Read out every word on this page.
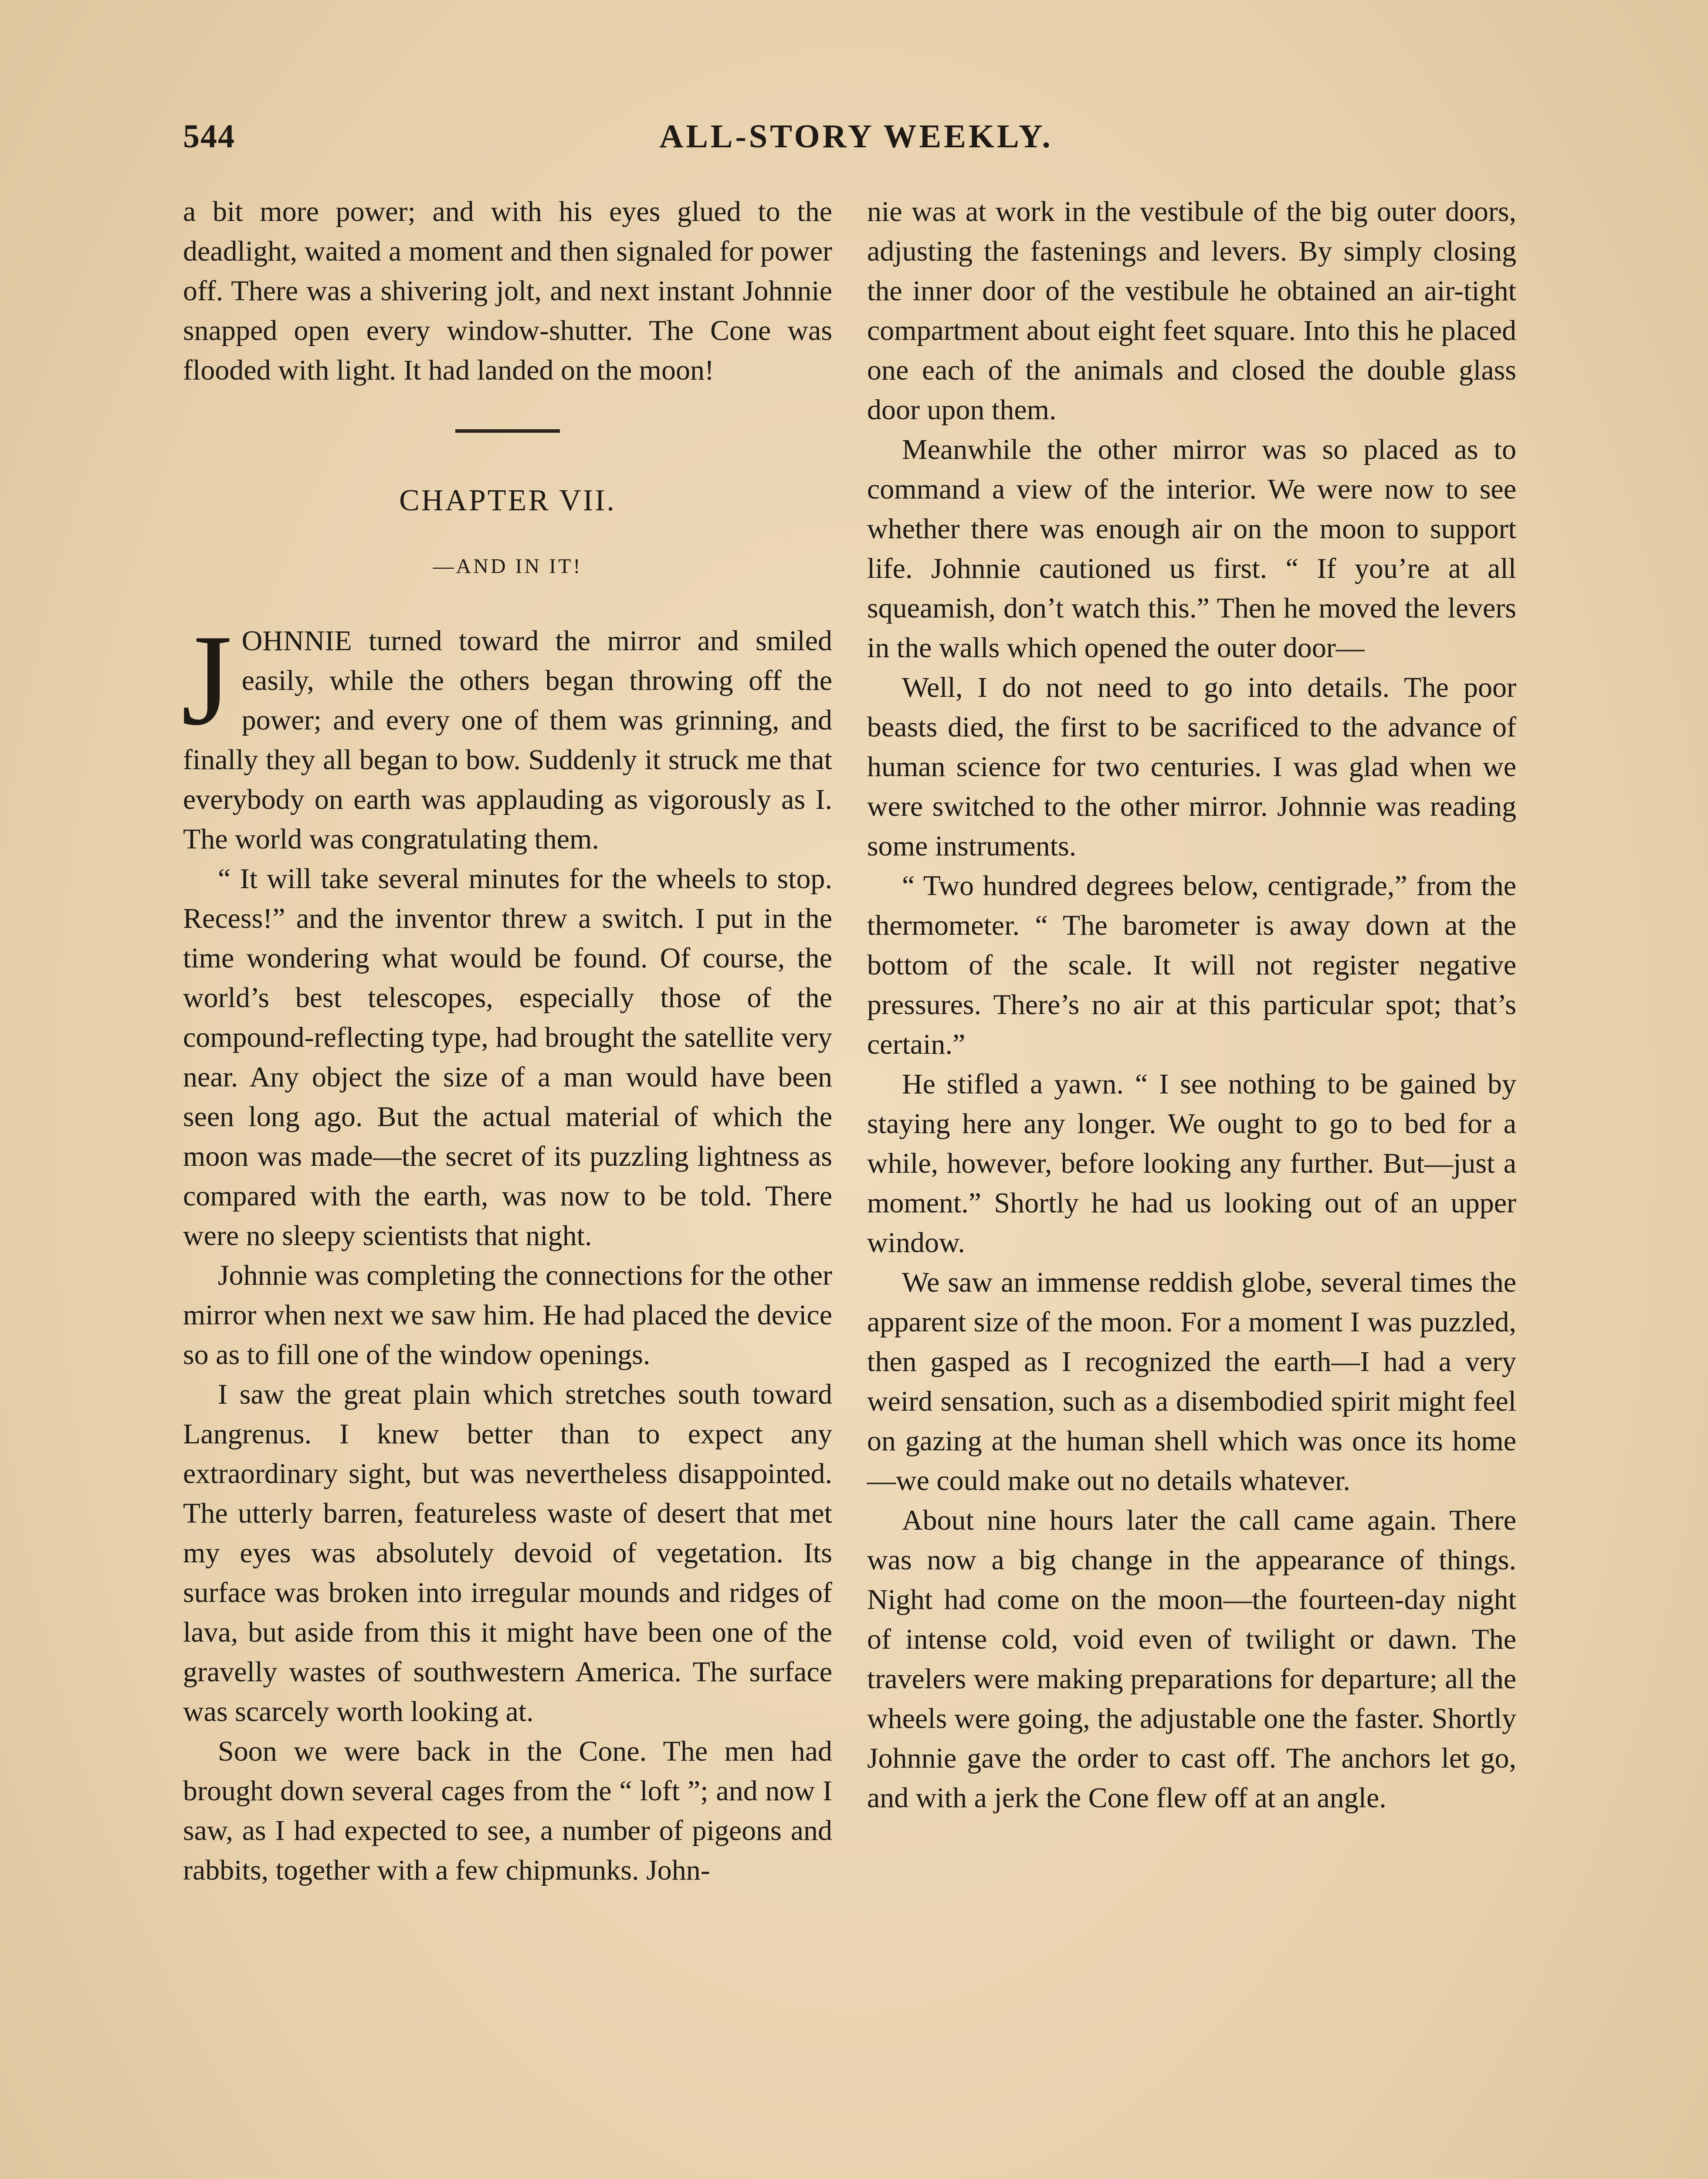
544	ALL-STORY WEEKLY.

a bit more power; and with his eyes glued to the deadlight, waited a moment and then signaled for power off. There was a shivering jolt, and next instant Johnnie snapped open every window-shutter. The Cone was flooded with light. It had landed on the moon!

CHAPTER VII.
—AND IN IT!

JOHNNIE turned toward the mirror and smiled easily, while the others began throwing off the power; and every one of them was grinning, and finally they all began to bow. Suddenly it struck me that everybody on earth was applauding as vigorously as I. The world was congratulating them.

“ It will take several minutes for the wheels to stop. Recess!” and the inventor threw a switch. I put in the time wondering what would be found. Of course, the world’s best telescopes, especially those of the compound-reflecting type, had brought the satellite very near. Any object the size of a man would have been seen long ago. But the actual material of which the moon was made—the secret of its puzzling lightness as compared with the earth, was now to be told. There were no sleepy scientists that night.

Johnnie was completing the connections for the other mirror when next we saw him. He had placed the device so as to fill one of the window openings.

I saw the great plain which stretches south toward Langrenus. I knew better than to expect any extraordinary sight, but was nevertheless disappointed. The utterly barren, featureless waste of desert that met my eyes was absolutely devoid of vegetation. Its surface was broken into irregular mounds and ridges of lava, but aside from this it might have been one of the gravelly wastes of southwestern America. The surface was scarcely worth looking at.

Soon we were back in the Cone. The men had brought down several cages from the “ loft ”; and now I saw, as I had expected to see, a number of pigeons and rabbits, together with a few chipmunks. John-

nie was at work in the vestibule of the big outer doors, adjusting the fastenings and levers. By simply closing the inner door of the vestibule he obtained an air-tight compartment about eight feet square. Into this he placed one each of the animals and closed the double glass door upon them.

Meanwhile the other mirror was so placed as to command a view of the interior. We were now to see whether there was enough air on the moon to support life. Johnnie cautioned us first. “ If you’re at all squeamish, don’t watch this.” Then he moved the levers in the walls which opened the outer door—

Well, I do not need to go into details. The poor beasts died, the first to be sacrificed to the advance of human science for two centuries. I was glad when we were switched to the other mirror. Johnnie was reading some instruments.

“ Two hundred degrees below, centigrade,” from the thermometer. “ The barometer is away down at the bottom of the scale. It will not register negative pressures. There’s no air at this particular spot; that’s certain.”

He stifled a yawn. “ I see nothing to be gained by staying here any longer. We ought to go to bed for a while, however, before looking any further. But—just a moment.” Shortly he had us looking out of an upper window.

We saw an immense reddish globe, several times the apparent size of the moon. For a moment I was puzzled, then gasped as I recognized the earth—I had a very weird sensation, such as a disembodied spirit might feel on gazing at the human shell which was once its home—we could make out no details whatever.

About nine hours later the call came again. There was now a big change in the appearance of things. Night had come on the moon—the fourteen-day night of intense cold, void even of twilight or dawn. The travelers were making preparations for departure; all the wheels were going, the adjustable one the faster. Shortly Johnnie gave the order to cast off. The anchors let go, and with a jerk the Cone flew off at an angle.
